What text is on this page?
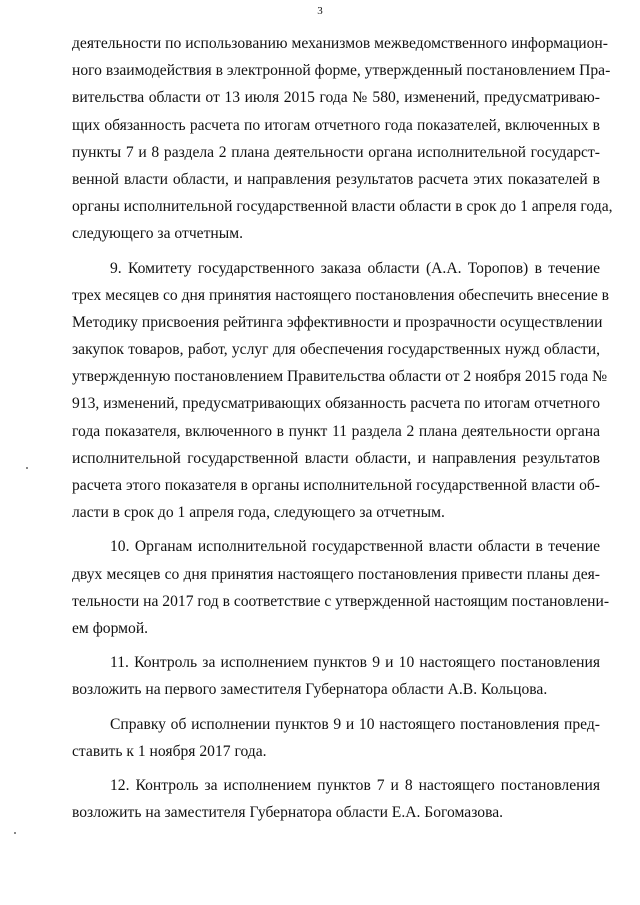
3
деятельности по использованию механизмов межведомственного информацион-
ного взаимодействия в электронной форме, утвержденный постановлением Пра-
вительства области от 13 июля 2015 года № 580, изменений, предусматриваю-
щих обязанность расчета по итогам отчетного года показателей, включенных в
пункты 7 и 8 раздела 2 плана деятельности органа исполнительной государст-
венной власти области, и направления результатов расчета этих показателей в
органы исполнительной государственной власти области в срок до 1 апреля года,
следующего за отчетным.
9. Комитету государственного заказа области (А.А. Торопов) в течение
трех месяцев со дня принятия настоящего постановления обеспечить внесение в
Методику присвоения рейтинга эффективности и прозрачности осуществлении
закупок товаров, работ, услуг для обеспечения государственных нужд области,
утвержденную постановлением Правительства области от 2 ноября 2015 года №
913, изменений, предусматривающих обязанность расчета по итогам отчетного
года показателя, включенного в пункт 11 раздела 2 плана деятельности органа
исполнительной государственной власти области, и направления результатов
расчета этого показателя в органы исполнительной государственной власти об-
ласти в срок до 1 апреля года, следующего за отчетным.
10. Органам исполнительной государственной власти области в течение
двух месяцев со дня принятия настоящего постановления привести планы дея-
тельности на 2017 год в соответствие с утвержденной настоящим постановлени-
ем формой.
11. Контроль за исполнением пунктов 9 и 10 настоящего постановления
возложить на первого заместителя Губернатора области А.В. Кольцова.
Справку об исполнении пунктов 9 и 10 настоящего постановления пред-
ставить к 1 ноября 2017 года.
12. Контроль за исполнением пунктов 7 и 8 настоящего постановления
возложить на заместителя Губернатора области Е.А. Богомазова.
